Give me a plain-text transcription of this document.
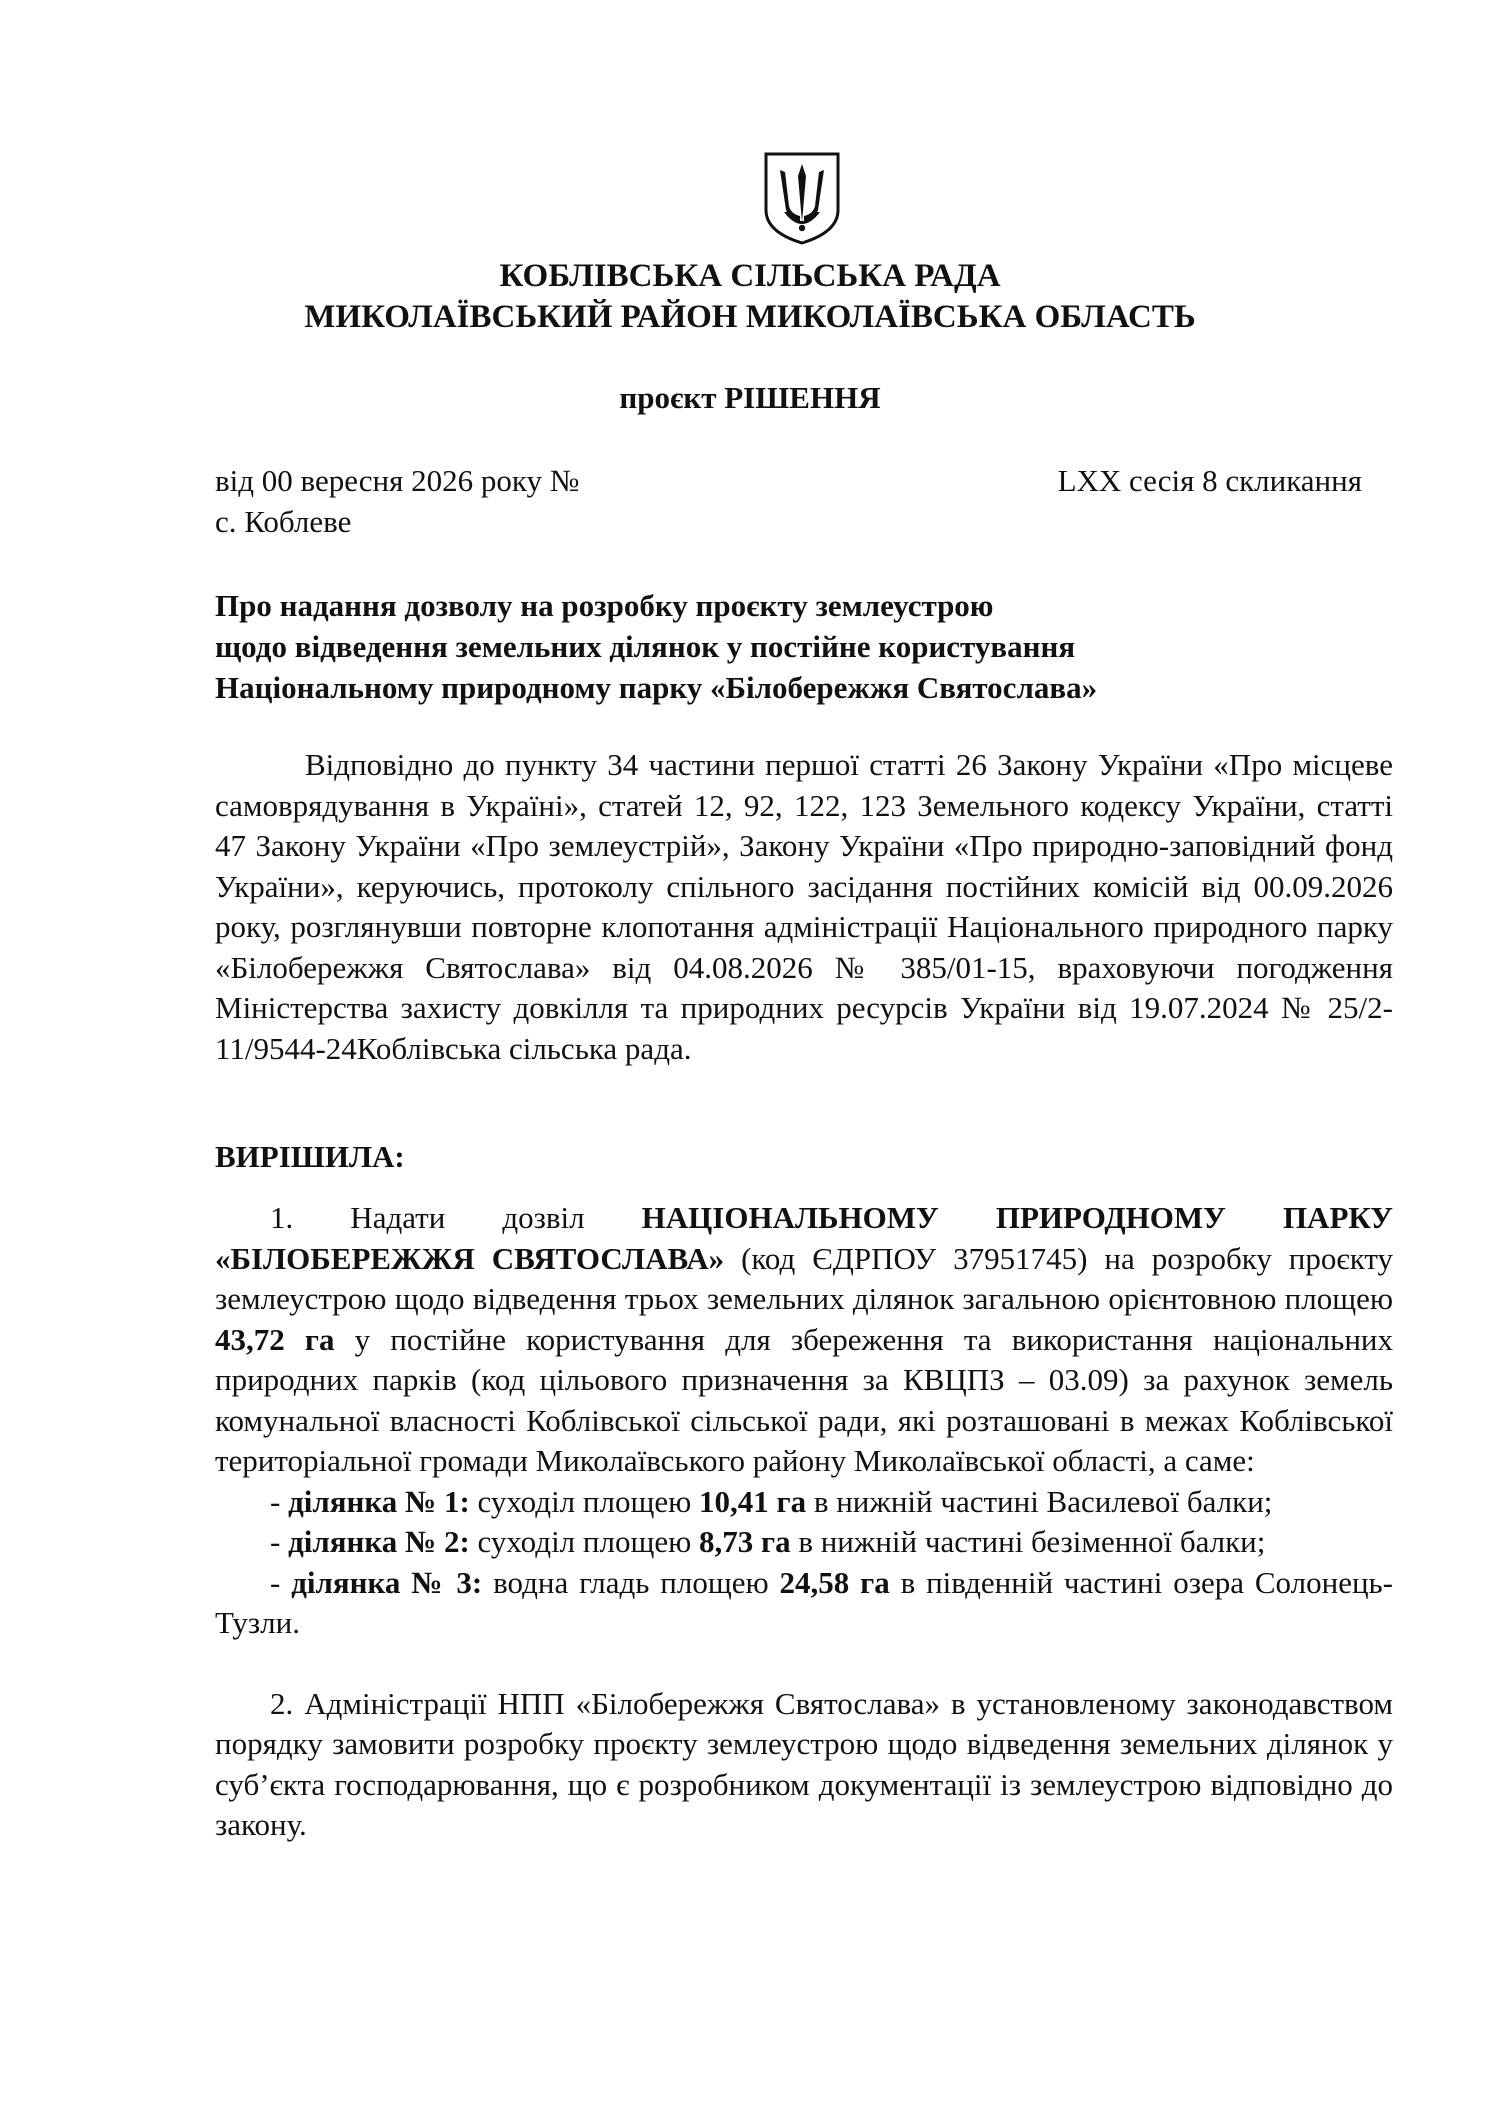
КОБЛІВСЬКА СІЛЬСЬКА РАДА
МИКОЛАЇВСЬКИЙ РАЙОН МИКОЛАЇВСЬКА ОБЛАСТЬ
проєкт РІШЕННЯ
від 00 вересня 2026 року №	LXX сесія 8 скликання
с. Коблеве
Про надання дозволу на розробку проєкту землеустрою
щодо відведення земельних ділянок у постійне користування
Національному природному парку «Білобережжя Святослава»

Відповідно до пункту 34 частини першої статті 26 Закону України «Про місцеве самоврядування в Україні», статей 12, 92, 122, 123 Земельного кодексу України, статті 47 Закону України «Про землеустрій», Закону України «Про природно-заповідний фонд України», керуючись, протоколу спільного засідання постійних комісій від 00.09.2026 року, розглянувши повторне клопотання адміністрації Національного природного парку «Білобережжя Святослава» від 04.08.2026 № 385/01-15, враховуючи погодження Міністерства захисту довкілля та природних ресурсів України від 19.07.2024 № 25/2-11/9544-24Коблівська сільська рада.

ВИРІШИЛА:

1. Надати дозвіл НАЦІОНАЛЬНОМУ ПРИРОДНОМУ ПАРКУ «БІЛОБЕРЕЖЖЯ СВЯТОСЛАВА» (код ЄДРПОУ 37951745) на розробку проєкту землеустрою щодо відведення трьох земельних ділянок загальною орієнтовною площею 43,72 га у постійне користування для збереження та використання національних природних парків (код цільового призначення за КВЦПЗ – 03.09) за рахунок земель комунальної власності Коблівської сільської ради, які розташовані в межах Коблівської територіальної громади Миколаївського району Миколаївської області, а саме:

- ділянка № 1: суходіл площею 10,41 га в нижній частині Василевої балки;

- ділянка № 2: суходіл площею 8,73 га в нижній частині безіменної балки;

- ділянка № 3: водна гладь площею 24,58 га в південній частині озера Солонець-Тузли.

2. Адміністрації НПП «Білобережжя Святослава» в установленому законодавством порядку замовити розробку проєкту землеустрою щодо відведення земельних ділянок у суб’єкта господарювання, що є розробником документації із землеустрою відповідно до закону.
